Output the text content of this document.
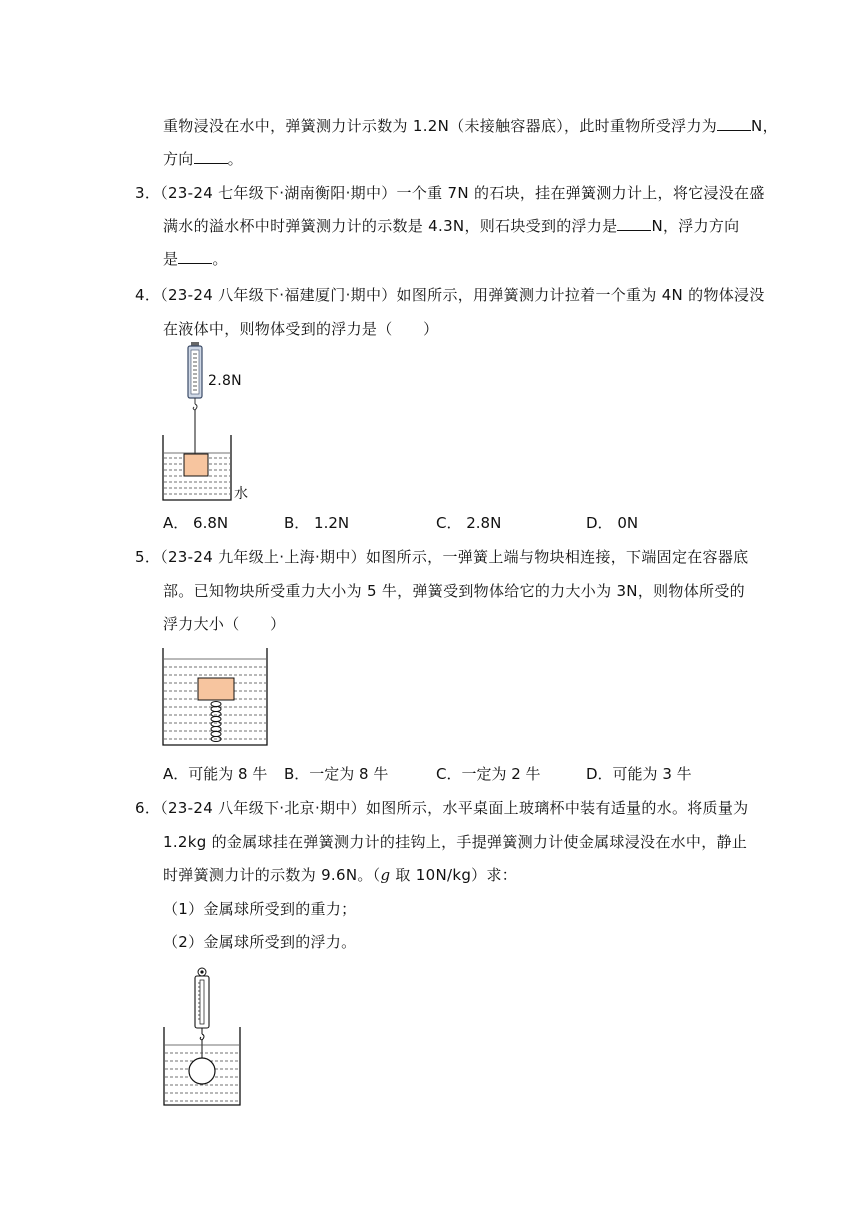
重物浸没在水中，弹簧测力计示数为 1.2N（未接触容器底），此时重物所受浮力为 N，
方向 。
3．（23-24 七年级下·湖南衡阳·期中）一个重 7N 的石块，挂在弹簧测力计上，将它浸没在盛
满水的溢水杯中时弹簧测力计的示数是 4.3N，则石块受到的浮力是 N，浮力方向
是 。
4．（23-24 八年级下·福建厦门·期中）如图所示，用弹簧测力计拉着一个重为 4N 的物体浸没
在液体中，则物体受到的浮力是（　　）
2.8N
水
A． 6.8N	B． 1.2N	C． 2.8N	D． 0N
5．（23-24 九年级上·上海·期中）如图所示，一弹簧上端与物块相连接，下端固定在容器底
部。已知物块所受重力大小为 5 牛，弹簧受到物体给它的力大小为 3N，则物体所受的
浮力大小（　　）
A．可能为 8 牛 B．一定为 8 牛	C．一定为 2 牛	D．可能为 3 牛
6．（23-24 八年级下·北京·期中）如图所示，水平桌面上玻璃杯中装有适量的水。将质量为
1.2kg 的金属球挂在弹簧测力计的挂钩上，手提弹簧测力计使金属球浸没在水中，静止
时弹簧测力计的示数为 9.6N。（g 取 10N/kg）求：
（1）金属球所受到的重力；
（2）金属球所受到的浮力。
